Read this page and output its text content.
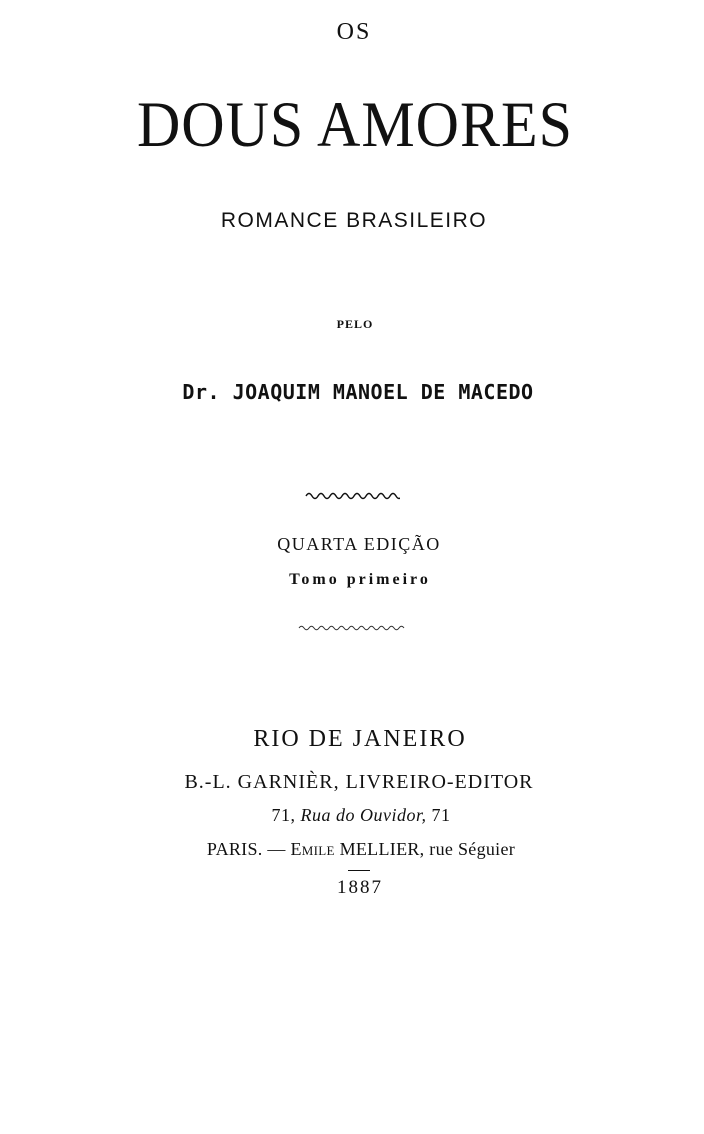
OS
DOUS AMORES
ROMANCE BRASILEIRO
PELO
Dr. JOAQUIM MANOEL DE MACEDO
QUARTA EDIÇÃO
Tomo primeiro
RIO DE JANEIRO
B.-L. GARNIÈR, LIVREIRO-EDITOR
71, Rua do Ouvidor, 71
PARIS. — Emile MELLIER, rue Séguier
1887
